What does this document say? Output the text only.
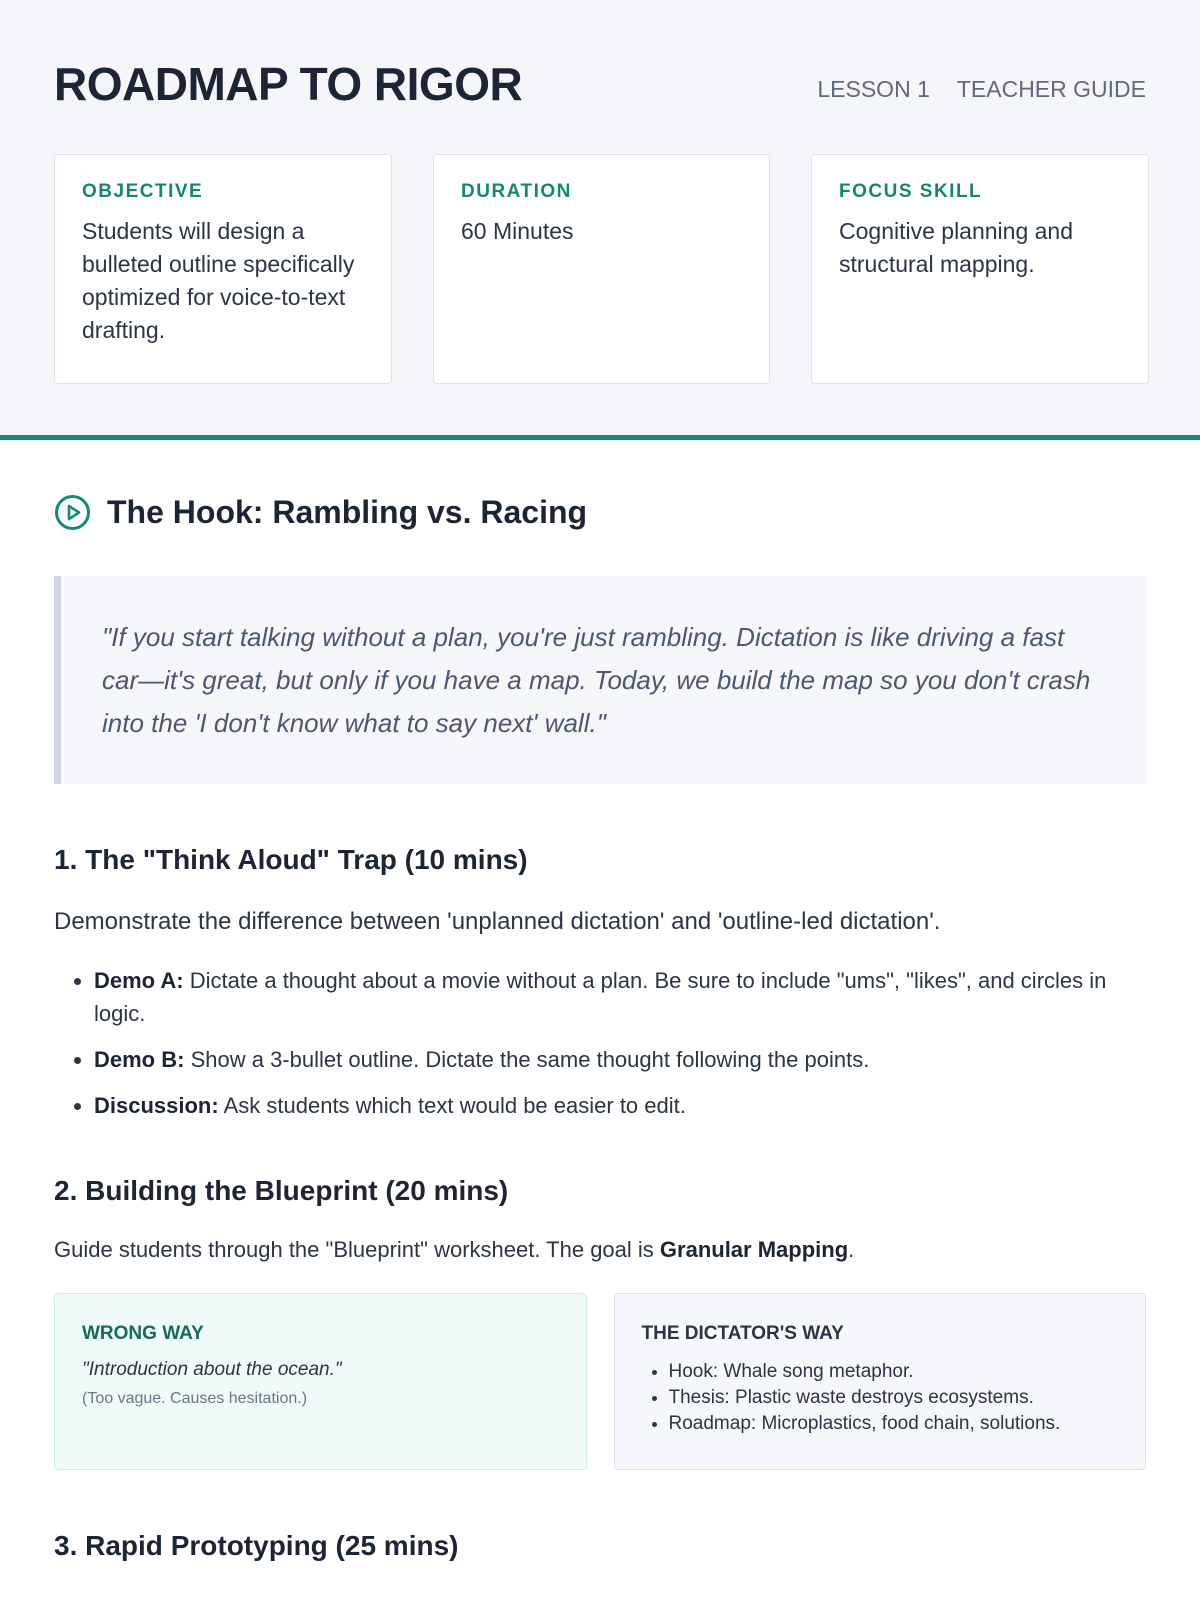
ROADMAP TO RIGOR	LESSON 1 TEACHER GUIDE
OBJECTIVE
Students will design a bulleted outline specifically optimized for voice-to-text drafting.
DURATION
60 Minutes
FOCUS SKILL
Cognitive planning and structural mapping.
The Hook: Rambling vs. Racing
"If you start talking without a plan, you're just rambling. Dictation is like driving a fast car—it's great, but only if you have a map. Today, we build the map so you don't crash into the 'I don't know what to say next' wall."
1. The "Think Aloud" Trap (10 mins)
Demonstrate the difference between 'unplanned dictation' and 'outline-led dictation'.
• Demo A: Dictate a thought about a movie without a plan. Be sure to include "ums", "likes", and circles in logic.
• Demo B: Show a 3-bullet outline. Dictate the same thought following the points.
• Discussion: Ask students which text would be easier to edit.
2. Building the Blueprint (20 mins)
Guide students through the "Blueprint" worksheet. The goal is Granular Mapping.
WRONG WAY
"Introduction about the ocean."
(Too vague. Causes hesitation.)
THE DICTATOR'S WAY
• Hook: Whale song metaphor.
• Thesis: Plastic waste destroys ecosystems.
• Roadmap: Microplastics, food chain, solutions.
3. Rapid Prototyping (25 mins)
